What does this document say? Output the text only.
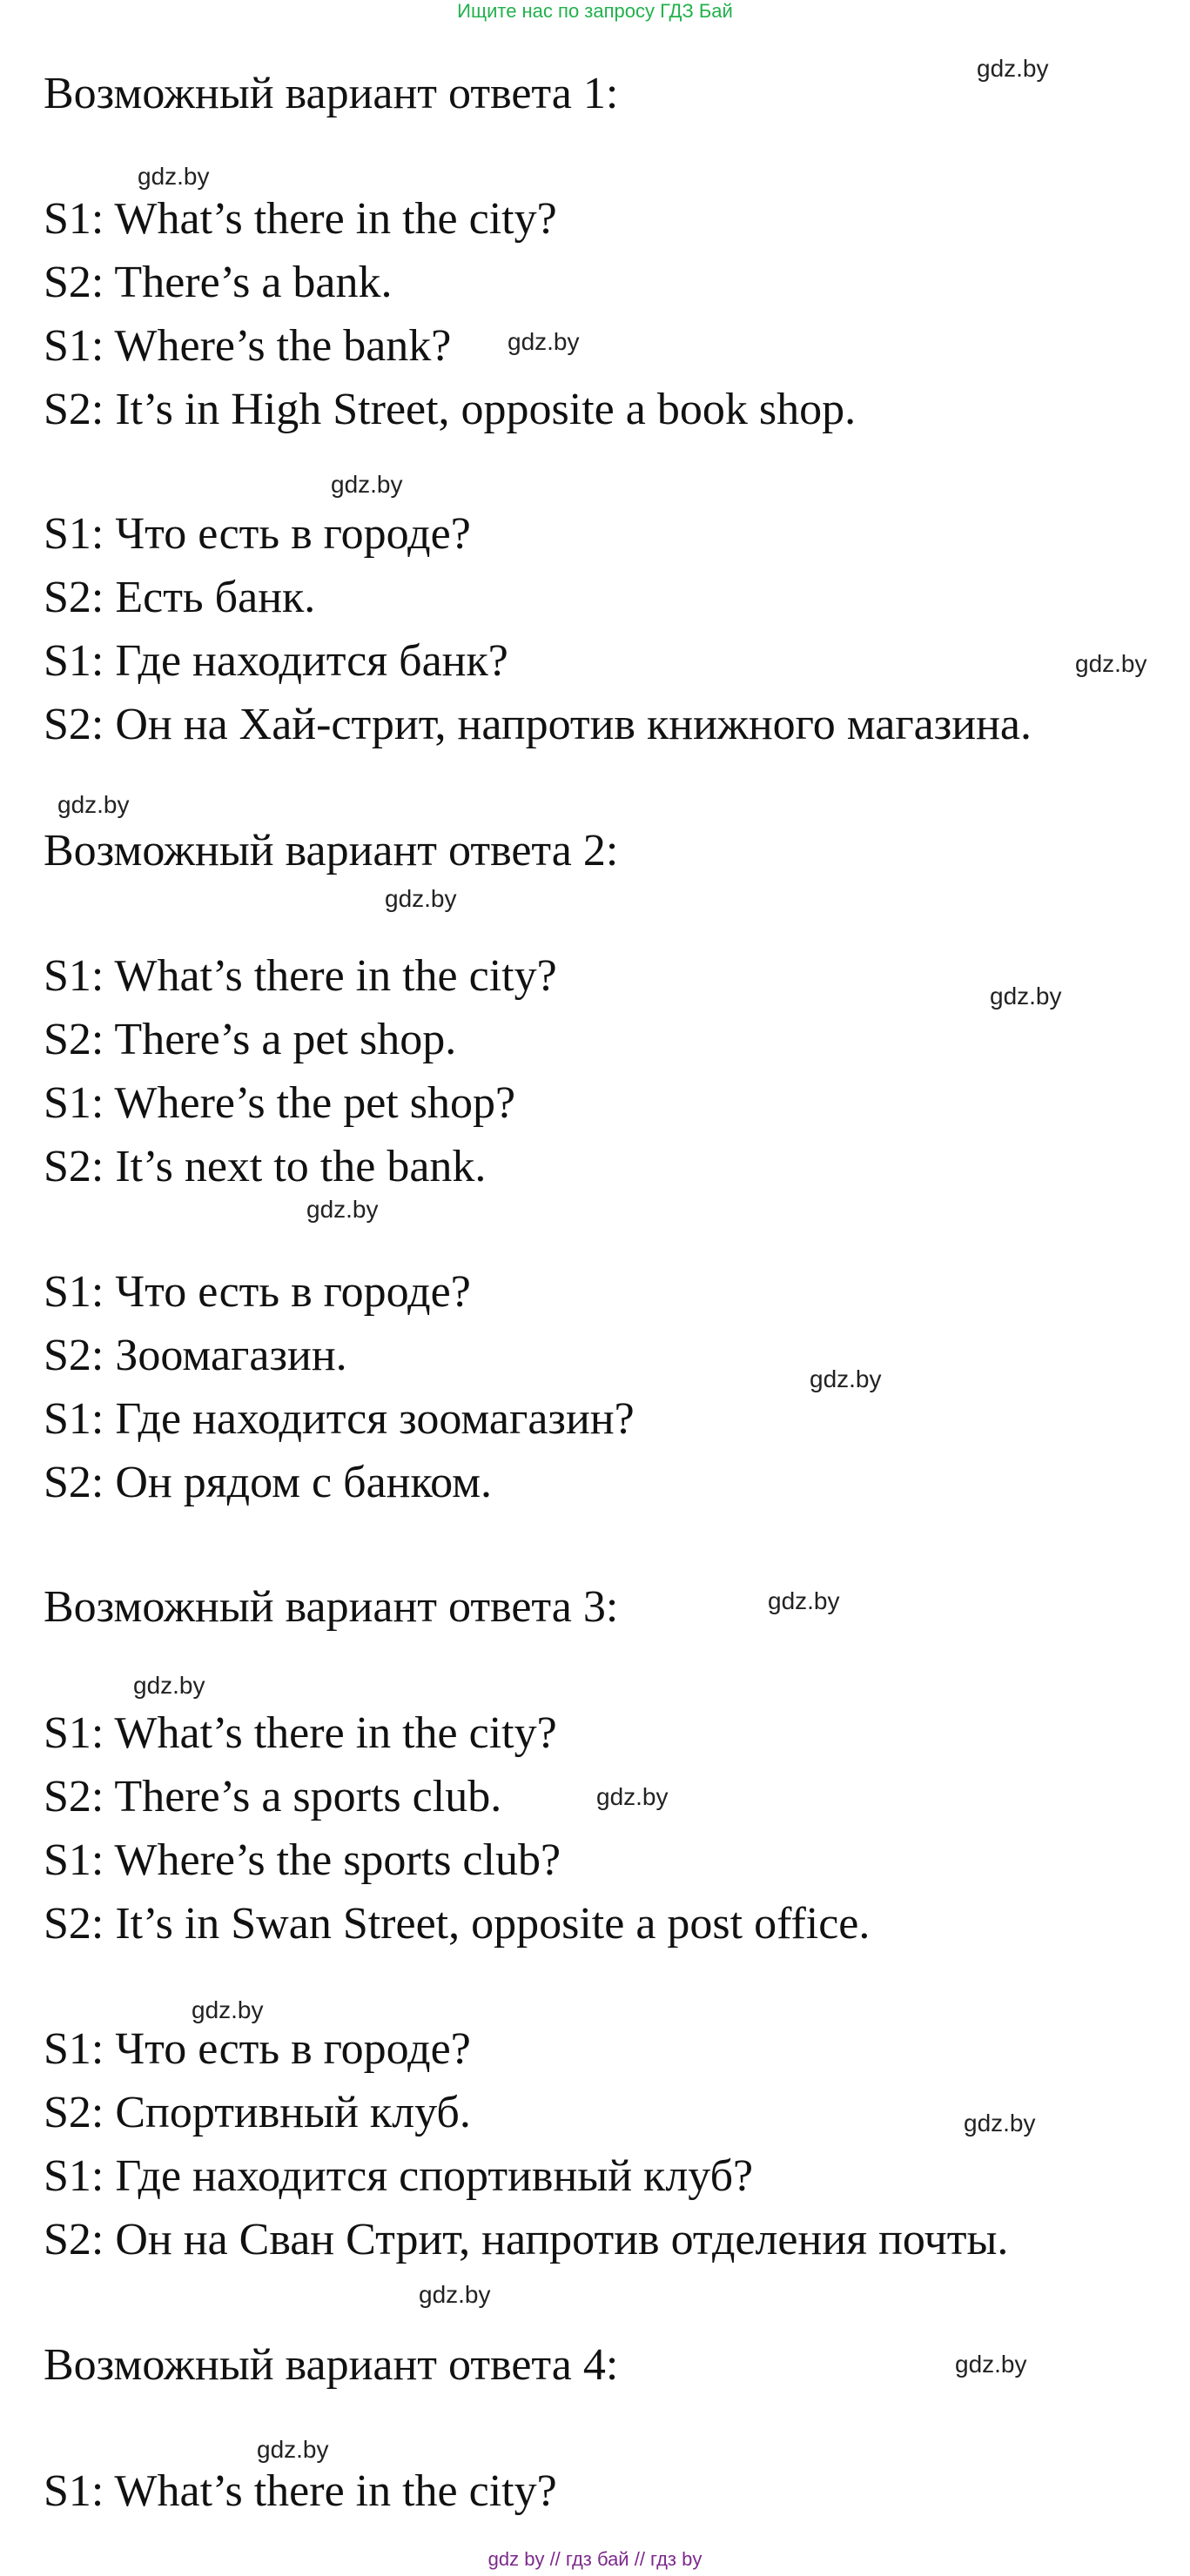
Ищите нас по запросу ГДЗ Бай
Возможный вариант ответа 1:
S1: What’s there in the city?
S2: There’s a bank.
S1: Where’s the bank?
S2: It’s in High Street, opposite a book shop.
S1: Что есть в городе?
S2: Есть банк.
S1: Где находится банк?
S2: Он на Хай-стрит, напротив книжного магазина.
Возможный вариант ответа 2:
S1: What’s there in the city?
S2: There’s a pet shop.
S1: Where’s the pet shop?
S2: It’s next to the bank.
S1: Что есть в городе?
S2: Зоомагазин.
S1: Где находится зоомагазин?
S2: Он рядом с банком.
Возможный вариант ответа 3:
S1: What’s there in the city?
S2: There’s a sports club.
S1: Where’s the sports club?
S2: It’s in Swan Street, opposite a post office.
S1: Что есть в городе?
S2: Спортивный клуб.
S1: Где находится спортивный клуб?
S2: Он на Сван Стрит, напротив отделения почты.
Возможный вариант ответа 4:
S1: What’s there in the city?
gdz.by
gdz.by
gdz.by
gdz.by
gdz.by
gdz.by
gdz.by
gdz.by
gdz.by
gdz.by
gdz.by
gdz.by
gdz.by
gdz.by
gdz.by
gdz.by
gdz.by
gdz.by
gdz by // гдз бай // гдз by
